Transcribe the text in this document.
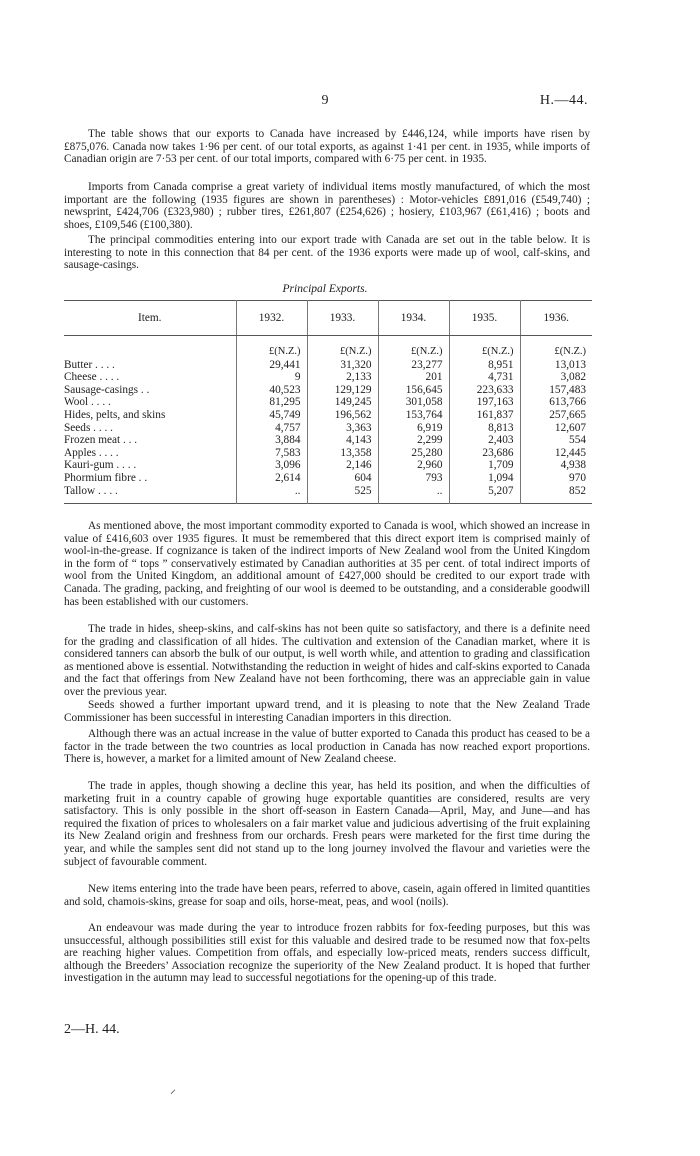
9	H.—44.

The table shows that our exports to Canada have increased by £446,124, while imports have risen by £875,076. Canada now takes 1·96 per cent. of our total exports, as against 1·41 per cent. in 1935, while imports of Canadian origin are 7·53 per cent. of our total imports, compared with 6·75 per cent. in 1935.

Imports from Canada comprise a great variety of individual items mostly manufactured, of which the most important are the following (1935 figures are shown in parentheses) : Motor-vehicles £891,016 (£549,740) ; newsprint, £424,706 (£323,980) ; rubber tires, £261,807 (£254,626) ; hosiery, £103,967 (£61,416) ; boots and shoes, £109,546 (£100,380).

The principal commodities entering into our export trade with Canada are set out in the table below. It is interesting to note in this connection that 84 per cent. of the 1936 exports were made up of wool, calf-skins, and sausage-casings.

Principal Exports.
Item.	1932.	1933.	1934.	1935.	1936.

	£(N.Z.)	£(N.Z.)	£(N.Z.)	£(N.Z.)	£(N.Z.)
Butter . . . .	29,441	31,320	23,277	8,951	13,013
Cheese . . . .	9	2,133	201	4,731	3,082
Sausage-casings . .	40,523	129,129	156,645	223,633	157,483
Wool . . . .	81,295	149,245	301,058	197,163	613,766
Hides, pelts, and skins	45,749	196,562	153,764	161,837	257,665
Seeds . . . .	4,757	3,363	6,919	8,813	12,607
Frozen meat . . .	3,884	4,143	2,299	2,403	554
Apples . . . .	7,583	13,358	25,280	23,686	12,445
Kauri-gum . . . .	3,096	2,146	2,960	1,709	4,938
Phormium fibre . .	2,614	604	793	1,094	970
Tallow . . . .	..	525	..	5,207	852

As mentioned above, the most important commodity exported to Canada is wool, which showed an increase in value of £416,603 over 1935 figures. It must be remembered that this direct export item is comprised mainly of wool-in-the-grease. If cognizance is taken of the indirect imports of New Zealand wool from the United Kingdom in the form of “ tops ” conservatively estimated by Canadian authorities at 35 per cent. of total indirect imports of wool from the United Kingdom, an additional amount of £427,000 should be credited to our export trade with Canada. The grading, packing, and freighting of our wool is deemed to be outstanding, and a considerable goodwill has been established with our customers.

The trade in hides, sheep-skins, and calf-skins has not been quite so satisfactory, and there is a definite need for the grading and classification of all hides. The cultivation and extension of the Canadian market, where it is considered tanners can absorb the bulk of our output, is well worth while, and attention to grading and classification as mentioned above is essential. Notwithstanding the reduction in weight of hides and calf-skins exported to Canada and the fact that offerings from New Zealand have not been forthcoming, there was an appreciable gain in value over the previous year.

Seeds showed a further important upward trend, and it is pleasing to note that the New Zealand Trade Commissioner has been successful in interesting Canadian importers in this direction.

Although there was an actual increase in the value of butter exported to Canada this product has ceased to be a factor in the trade between the two countries as local production in Canada has now reached export proportions. There is, however, a market for a limited amount of New Zealand cheese.

The trade in apples, though showing a decline this year, has held its position, and when the difficulties of marketing fruit in a country capable of growing huge exportable quantities are considered, results are very satisfactory. This is only possible in the short off-season in Eastern Canada—April, May, and June—and has required the fixation of prices to wholesalers on a fair market value and judicious advertising of the fruit explaining its New Zealand origin and freshness from our orchards. Fresh pears were marketed for the first time during the year, and while the samples sent did not stand up to the long journey involved the flavour and varieties were the subject of favourable comment.

New items entering into the trade have been pears, referred to above, casein, again offered in limited quantities and sold, chamois-skins, grease for soap and oils, horse-meat, peas, and wool (noils).

An endeavour was made during the year to introduce frozen rabbits for fox-feeding purposes, but this was unsuccessful, although possibilities still exist for this valuable and desired trade to be resumed now that fox-pelts are reaching higher values. Competition from offals, and especially low-priced meats, renders success difficult, although the Breeders’ Association recognize the superiority of the New Zealand product. It is hoped that further investigation in the autumn may lead to successful negotiations for the opening-up of this trade.

2—H. 44.
⸝
